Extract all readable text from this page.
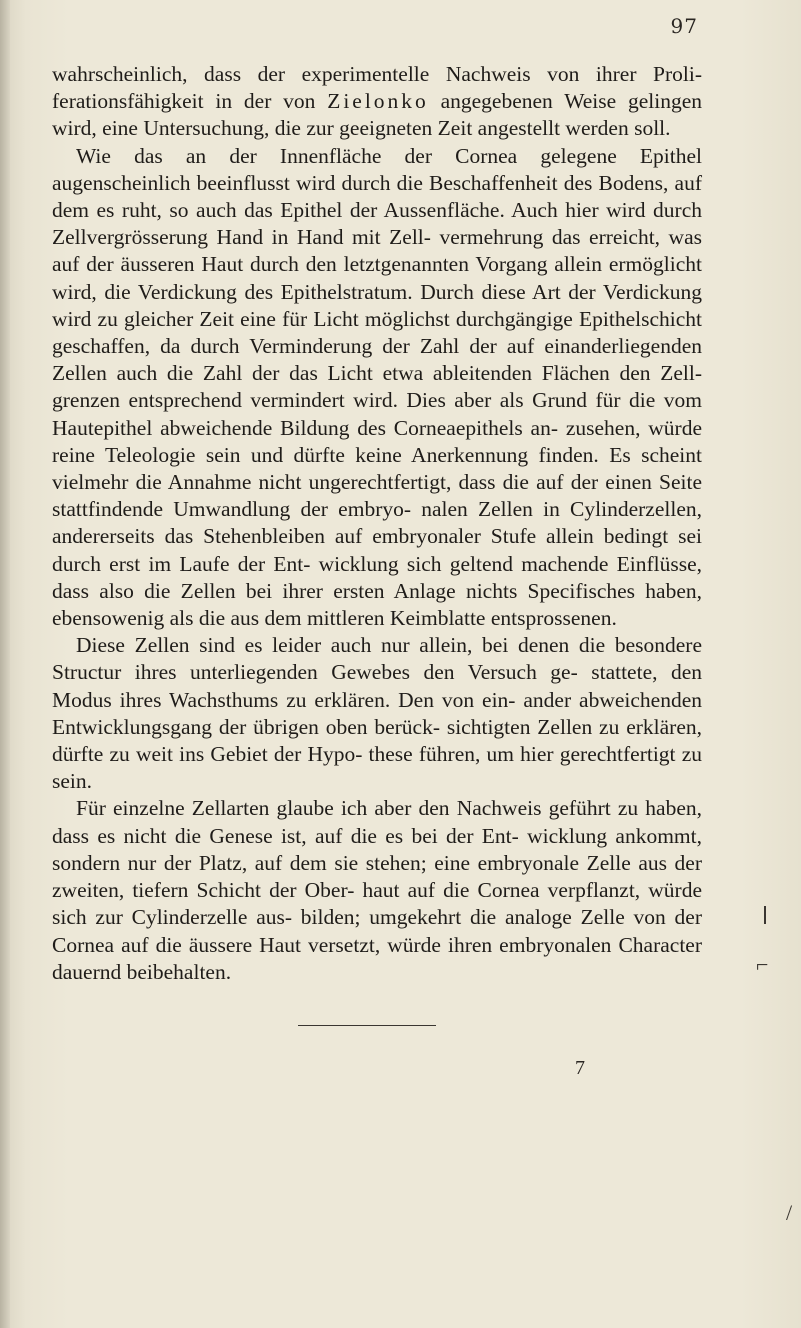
97

wahrscheinlich, dass der experimentelle Nachweis von ihrer Proli- ferationsfähigkeit in der von Zielonko angegebenen Weise gelingen wird, eine Untersuchung, die zur geeigneten Zeit angestellt werden soll.

Wie das an der Innenfläche der Cornea gelegene Epithel augenscheinlich beeinflusst wird durch die Beschaffenheit des Bodens, auf dem es ruht, so auch das Epithel der Aussenfläche. Auch hier wird durch Zellvergrösserung Hand in Hand mit Zell- vermehrung das erreicht, was auf der äusseren Haut durch den letztgenannten Vorgang allein ermöglicht wird, die Verdickung des Epithelstratum. Durch diese Art der Verdickung wird zu gleicher Zeit eine für Licht möglichst durchgängige Epithelschicht geschaffen, da durch Verminderung der Zahl der auf einanderliegenden Zellen auch die Zahl der das Licht etwa ableitenden Flächen den Zell- grenzen entsprechend vermindert wird. Dies aber als Grund für die vom Hautepithel abweichende Bildung des Corneaepithels an- zusehen, würde reine Teleologie sein und dürfte keine Anerkennung finden. Es scheint vielmehr die Annahme nicht ungerechtfertigt, dass die auf der einen Seite stattfindende Umwandlung der embryo- nalen Zellen in Cylinderzellen, andererseits das Stehenbleiben auf embryonaler Stufe allein bedingt sei durch erst im Laufe der Ent- wicklung sich geltend machende Einflüsse, dass also die Zellen bei ihrer ersten Anlage nichts Specifisches haben, ebensowenig als die aus dem mittleren Keimblatte entsprossenen.

Diese Zellen sind es leider auch nur allein, bei denen die besondere Structur ihres unterliegenden Gewebes den Versuch ge- stattete, den Modus ihres Wachsthums zu erklären. Den von ein- ander abweichenden Entwicklungsgang der übrigen oben berück- sichtigten Zellen zu erklären, dürfte zu weit ins Gebiet der Hypo- these führen, um hier gerechtfertigt zu sein.

Für einzelne Zellarten glaube ich aber den Nachweis geführt zu haben, dass es nicht die Genese ist, auf die es bei der Ent- wicklung ankommt, sondern nur der Platz, auf dem sie stehen; eine embryonale Zelle aus der zweiten, tiefern Schicht der Ober- haut auf die Cornea verpflanzt, würde sich zur Cylinderzelle aus- bilden; umgekehrt die analoge Zelle von der Cornea auf die äussere Haut versetzt, würde ihren embryonalen Character dauernd beibehalten.

7
⌐
/
